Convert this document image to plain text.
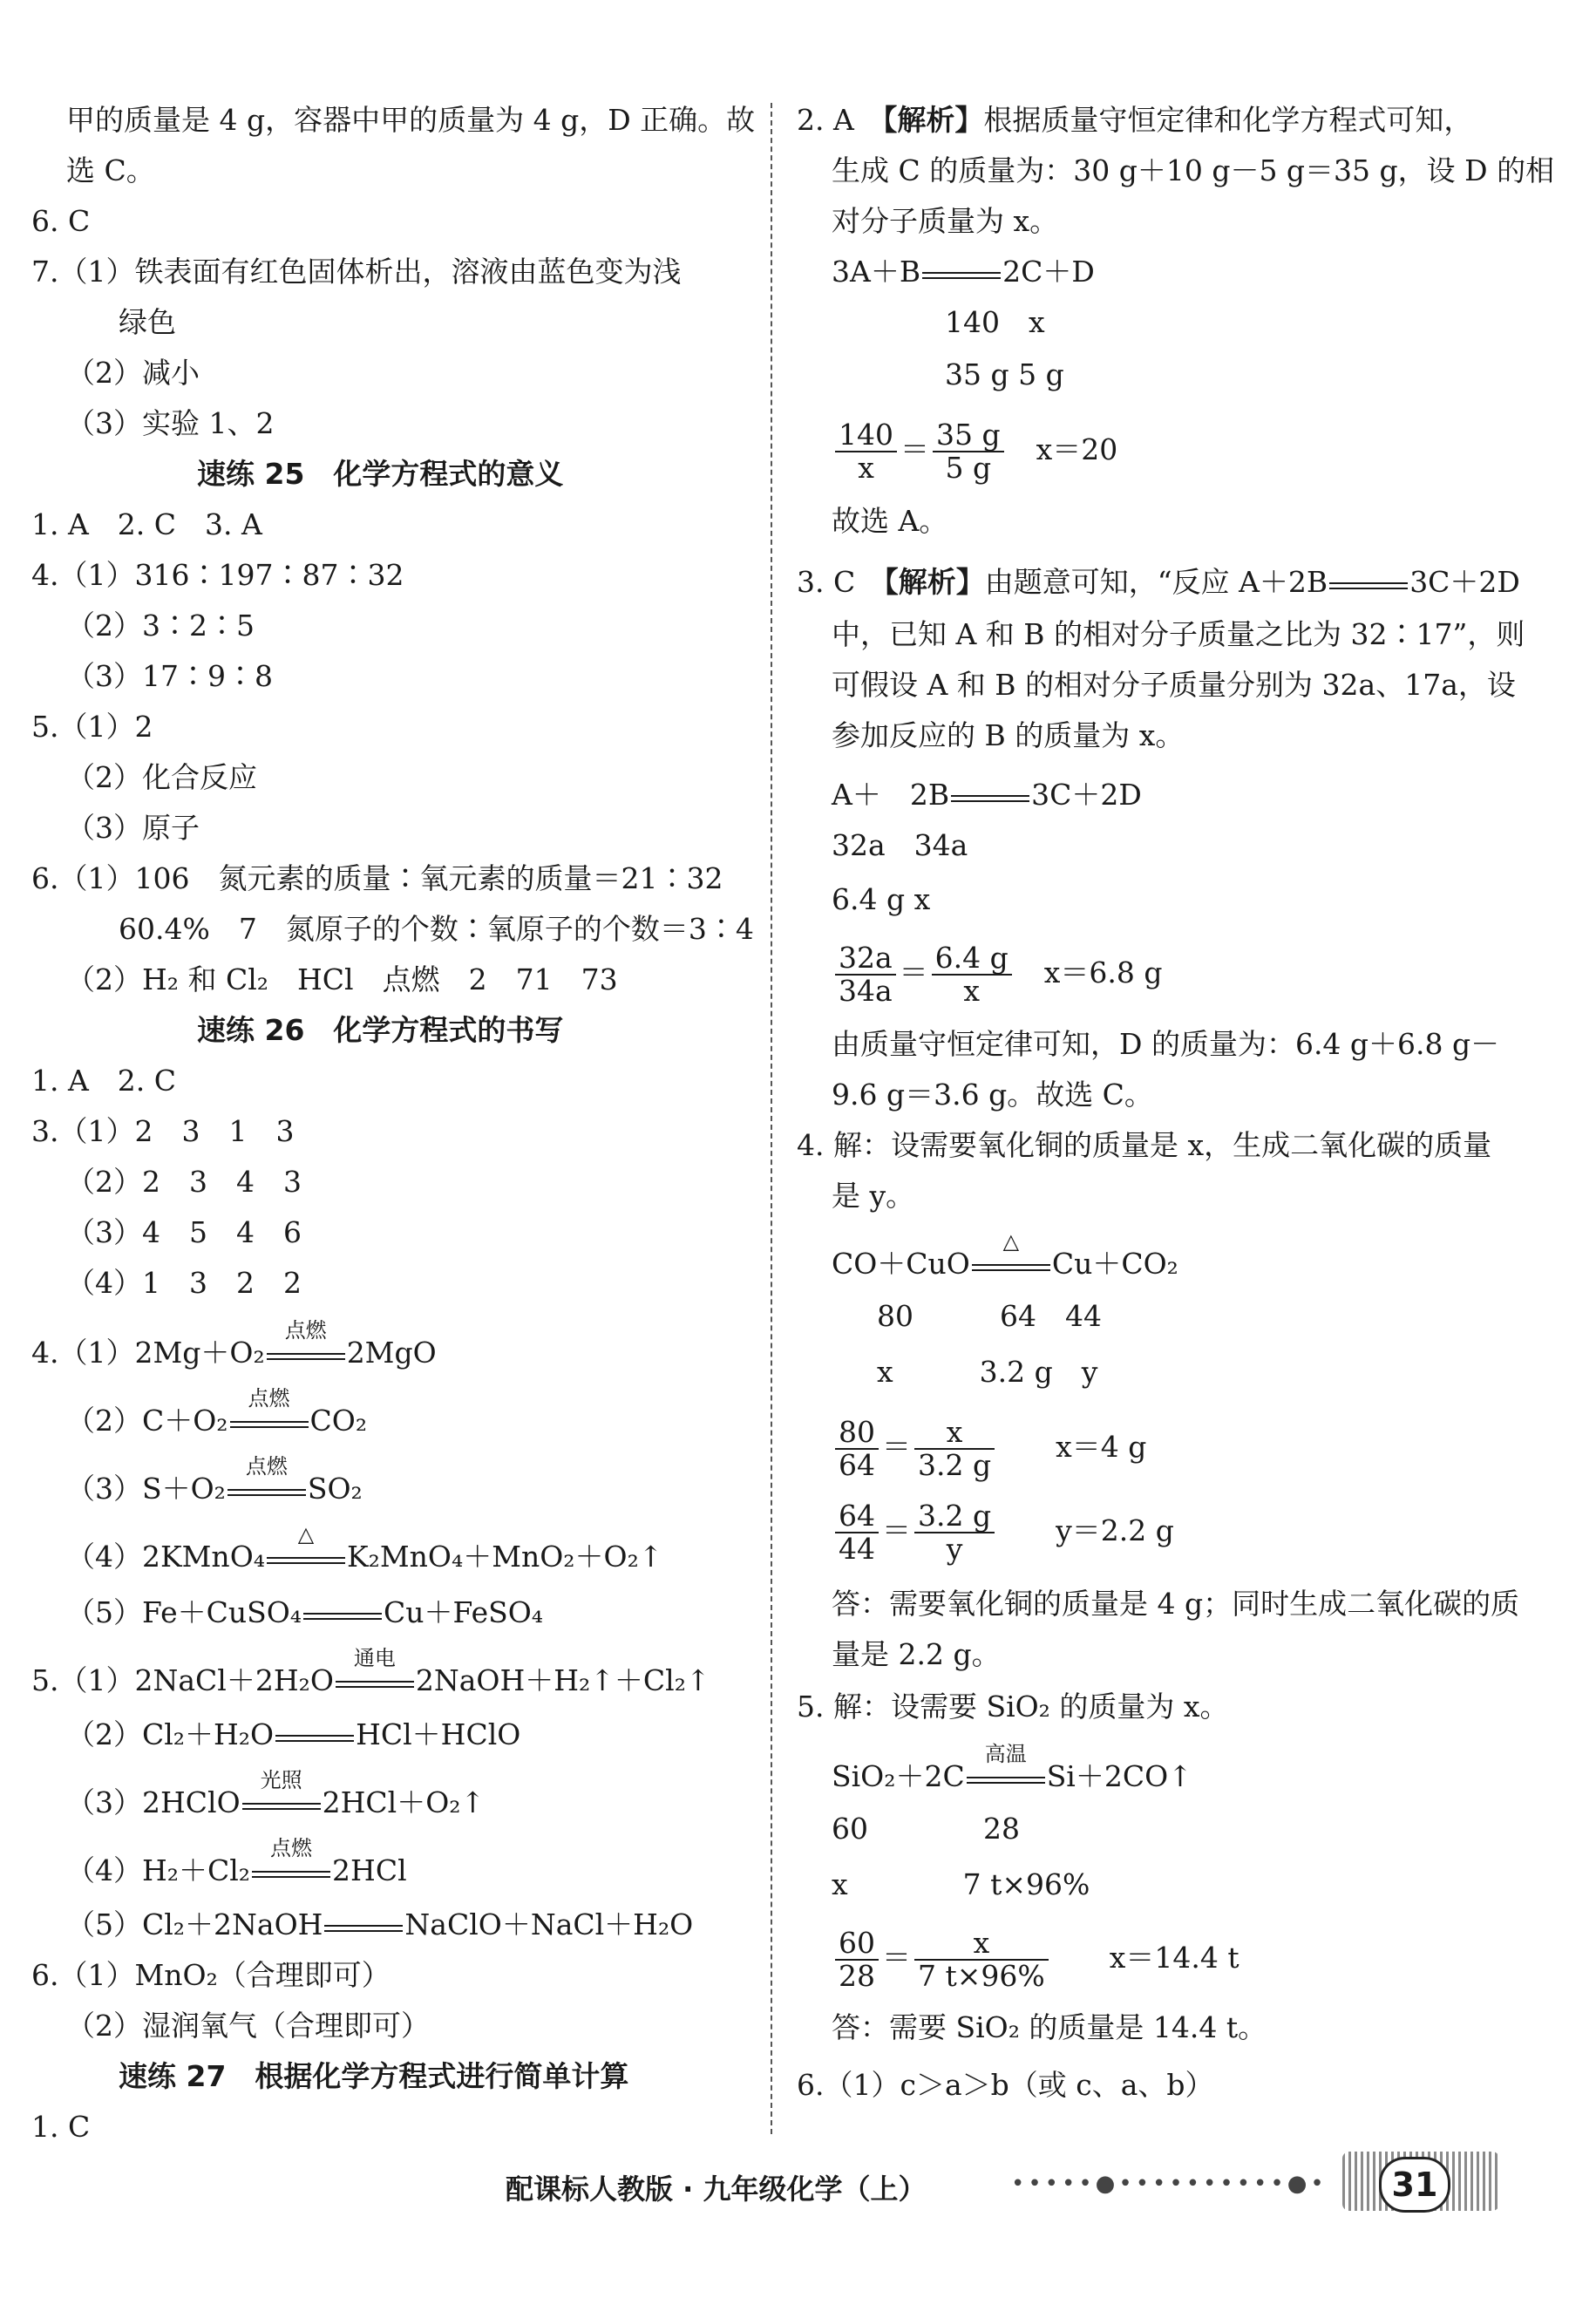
甲的质量是 4 g，容器中甲的质量为 4 g，D 正确。故
选 C。
6. C
7.（1）铁表面有红色固体析出，溶液由蓝色变为浅
绿色
（2）减小
（3）实验 1、2
速练 25　化学方程式的意义
1. A　2. C　3. A
4.（1）316∶197∶87∶32
（2）3∶2∶5
（3）17∶9∶8
5.（1）2
（2）化合反应
（3）原子
6.（1）106　氮元素的质量∶氧元素的质量＝21∶32
60.4%　7　氮原子的个数∶氧原子的个数＝3∶4
（2）H₂ 和 Cl₂　HCl　点燃　2　71　73
速练 26　化学方程式的书写
1. A　2. C
3.（1）2　3　1　3
（2）2　3　4　3
（3）4　5　4　6
（4）1　3　2　2
4.（1）2Mg＋O₂
点燃
2MgO
（2）C＋O₂
点燃
CO₂
（3）S＋O₂
点燃
SO₂
（4）2KMnO₄
△
K₂MnO₄＋MnO₂＋O₂↑
（5）Fe＋CuSO₄	Cu＋FeSO₄
5.（1）2NaCl＋2H₂O
通电
2NaOH＋H₂↑＋Cl₂↑
（2）Cl₂＋H₂O	HCl＋HClO
（3）2HClO
光照
2HCl＋O₂↑
（4）H₂＋Cl₂
点燃
2HCl
（5）Cl₂＋2NaOH	NaClO＋NaCl＋H₂O
6.（1）MnO₂（合理即可）
（2）湿润氧气（合理即可）
速练 27　根据化学方程式进行简单计算
1. C
2. A　【解析】根据质量守恒定律和化学方程式可知，
生成 C 的质量为：30 g＋10 g－5 g＝35 g，设 D 的相
对分子质量为 x。
3A＋B	2C＋D
140　x
35 g 5 g
$\frac{140}{x} = \frac{35 g}{5 g}$
　 x＝20
故选 A。
3. C　【解析】由题意可知，“反应 A＋2B	3C＋2D
中，已知 A 和 B 的相对分子质量之比为 32∶17”，则
可假设 A 和 B 的相对分子质量分别为 32a、17a，设
参加反应的 B 的质量为 x。
A＋　2B	3C＋2D
32a　34a
6.4 g x
$\frac{32a}{34a} = \frac{6.4 g}{x}$
　 x＝6.8 g
由质量守恒定律可知，D 的质量为：6.4 g＋6.8 g－
9.6 g＝3.6 g。故选 C。
4. 解：设需要氧化铜的质量是 x，生成二氧化碳的质量
是 y。
CO＋CuO
△
Cu＋CO₂
80　　　64　44
x　　　3.2 g　y
$\frac{80}{64} = \frac{x}{3.2 g}$
　　 x＝4 g
$\frac{64}{44} = \frac{3.2 g}{y}$
　　 y＝2.2 g
答：需要氧化铜的质量是 4 g；同时生成二氧化碳的质
量是 2.2 g。
5. 解：设需要 SiO₂ 的质量为 x。
SiO₂＋2C
高温
Si＋2CO↑
60　　　　28
x　　　　7 t×96%
$\frac{60}{28} = \frac{x}{7 t\times 96\%}$
　　 x＝14.4 t
答：需要 SiO₂ 的质量是 14.4 t。
6.（1）c＞a＞b（或 c、a、b）
配课标人教版 · 九年级化学（上）	•••••●••••••••••●•	31
